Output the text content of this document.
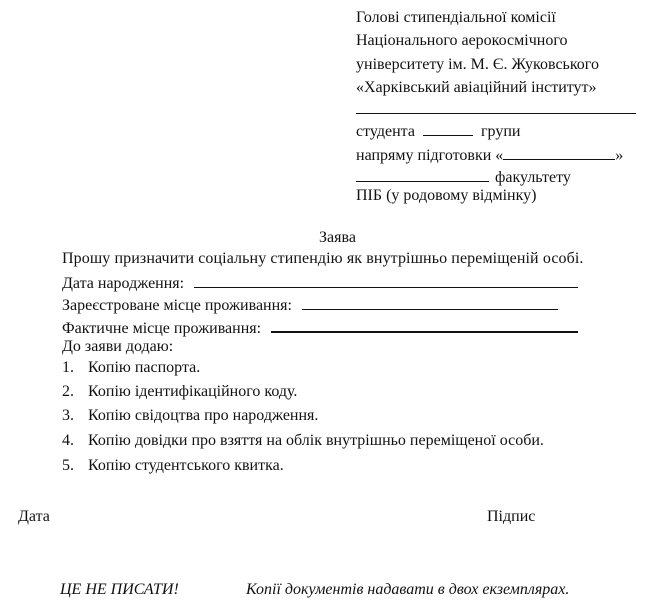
Голові стипендіальної комісії
Національного аерокосмічного
університету ім. М. Є. Жуковського
«Харківський авіаційний інститут»
студента	групи
напряму підготовки «	»
факультету
ПІБ (у родовому відмінку)
Заява
Прошу призначити соціальну стипендію як внутрішньо переміщеній особі.
Дата народження:
Зареєстроване місце проживання:
Фактичне місце проживання:
До заяви додаю:
1. Копію паспорта.
2. Копію ідентифікаційного коду.
3. Копію свідоцтва про народження.
4. Копію довідки про взяття на облік внутрішньо переміщеної особи.
5. Копію студентського квитка.
Дата	Підпис
ЦЕ НЕ ПИСАТИ!	Копії документів надавати в двох екземплярах.
